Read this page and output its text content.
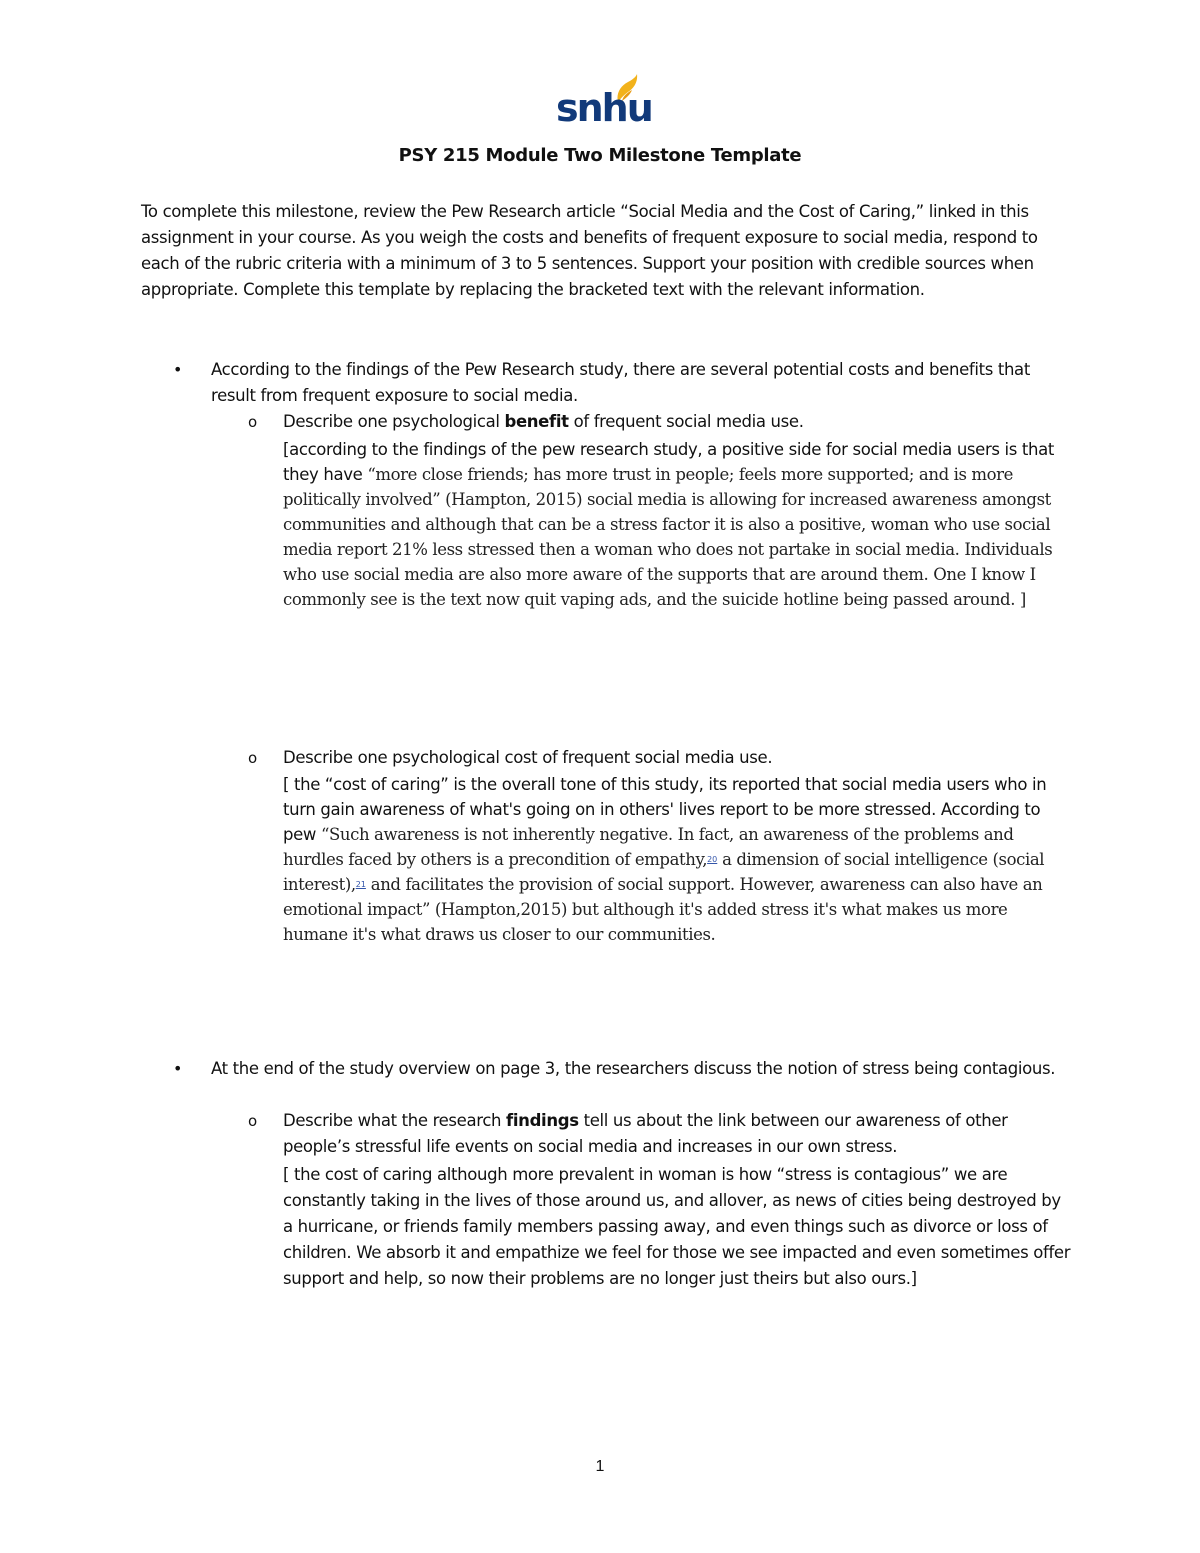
snhu
PSY 215 Module Two Milestone Template
To complete this milestone, review the Pew Research article “Social Media and the Cost of Caring,” linked in this assignment in your course. As you weigh the costs and benefits of frequent exposure to social media, respond to each of the rubric criteria with a minimum of 3 to 5 sentences. Support your position with credible sources when appropriate. Complete this template by replacing the bracketed text with the relevant information.
• According to the findings of the Pew Research study, there are several potential costs and benefits that result from frequent exposure to social media.
o Describe one psychological benefit of frequent social media use.
[according to the findings of the pew research study, a positive side for social media users is that they have “more close friends; has more trust in people; feels more supported; and is more politically involved” (Hampton, 2015) social media is allowing for increased awareness amongst communities and although that can be a stress factor it is also a positive, woman who use social media report 21% less stressed then a woman who does not partake in social media. Individuals who use social media are also more aware of the supports that are around them. One I know I commonly see is the text now quit vaping ads, and the suicide hotline being passed around. ]
o Describe one psychological cost of frequent social media use.
[ the “cost of caring” is the overall tone of this study, its reported that social media users who in turn gain awareness of what's going on in others' lives report to be more stressed. According to pew “Such awareness is not inherently negative. In fact, an awareness of the problems and hurdles faced by others is a precondition of empathy,$^{20}$ a dimension of social intelligence (social interest),$^{21}$ and facilitates the provision of social support. However, awareness can also have an emotional impact” (Hampton,2015) but although it's added stress it's what makes us more humane it's what draws us closer to our communities.
• At the end of the study overview on page 3, the researchers discuss the notion of stress being contagious.
o Describe what the research findings tell us about the link between our awareness of other people’s stressful life events on social media and increases in our own stress.
[ the cost of caring although more prevalent in woman is how “stress is contagious” we are constantly taking in the lives of those around us, and allover, as news of cities being destroyed by a hurricane, or friends family members passing away, and even things such as divorce or loss of children. We absorb it and empathize we feel for those we see impacted and even sometimes offer support and help, so now their problems are no longer just theirs but also ours.]
1
